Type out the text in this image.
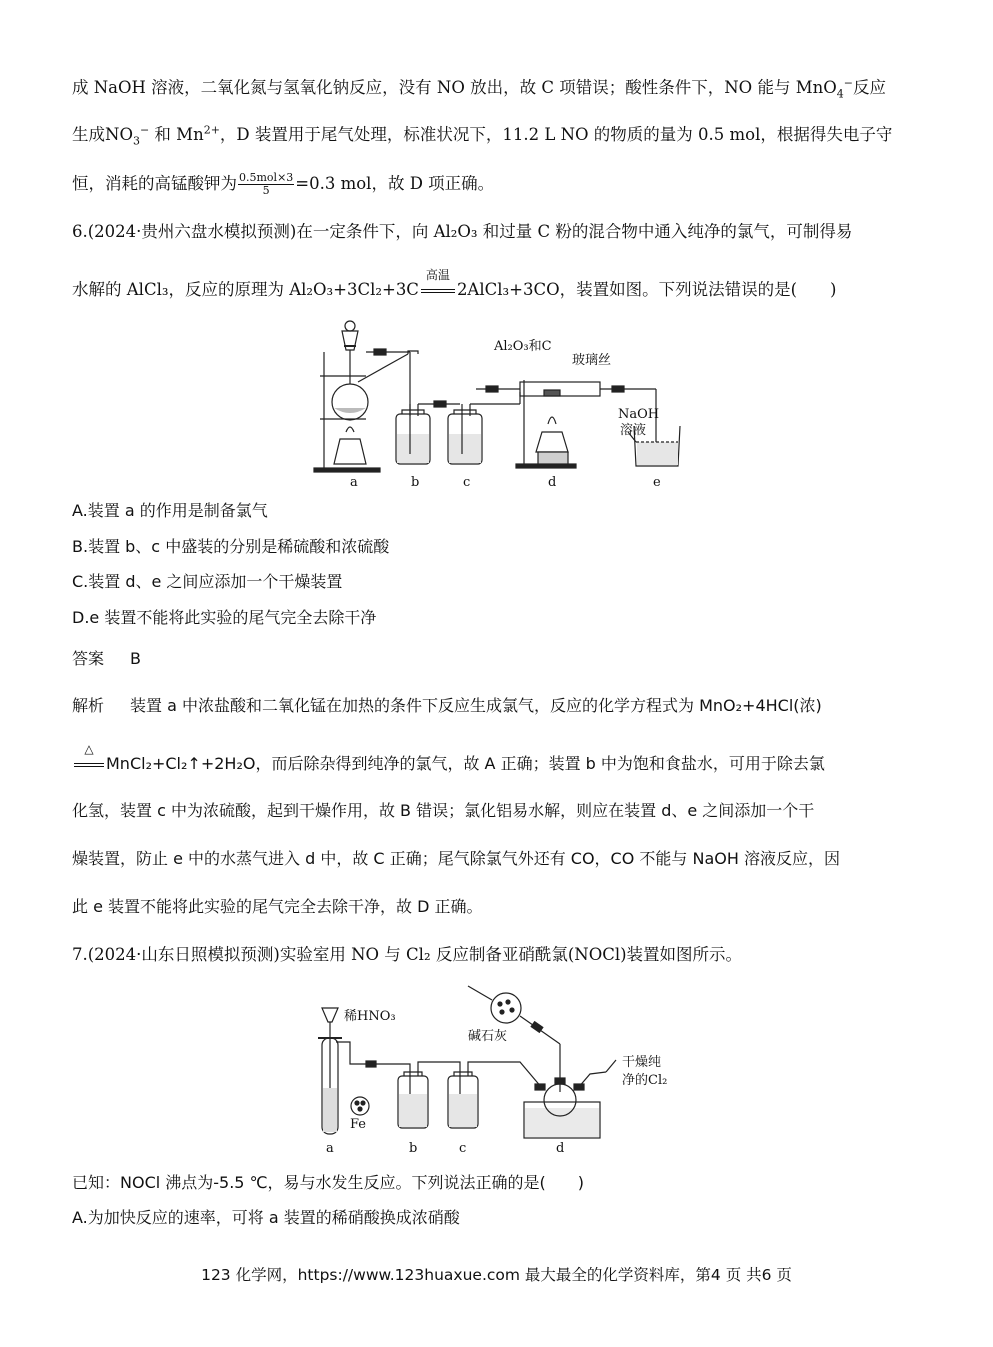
成 NaOH 溶液，二氧化氮与氢氧化钠反应，没有 NO 放出，故 C 项错误；酸性条件下，NO 能与 MnO$_4$−反应
生成$NO_3^-$ 和 $Mn^{2+}$，D 装置用于尾气处理，标准状况下，11.2 L NO 的物质的量为 0.5 mol，根据得失电子守
恒，消耗的高锰酸钾为 $\frac{\text{0.5mol×3}}{5} =0.3$ mol，故 D 项正确。
6.(2024·贵州六盘水模拟预测)在一定条件下，向 Al₂O₃ 和过量 C 粉的混合物中通入纯净的氯气，可制得易
水解的 AlCl₃，反应的原理为 Al₂O₃+3Cl₂+3C
高温
2AlCl₃+3CO，装置如图。下列说法错误的是(　　)
Al₂O₃和C
玻璃丝
NaOH
溶液
a	b	c	d	e
A.装置 a 的作用是制备氯气
B.装置 b、c 中盛装的分别是稀硫酸和浓硫酸
C.装置 d、e 之间应添加一个干燥装置
D.e 装置不能将此实验的尾气完全去除干净
答案 B
解析 装置 a 中浓盐酸和二氧化锰在加热的条件下反应生成氯气，反应的化学方程式为 MnO₂+4HCl(浓)
△
MnCl₂+Cl₂↑+2H₂O，而后除杂得到纯净的氯气，故 A 正确；装置 b 中为饱和食盐水，可用于除去氯
化氢，装置 c 中为浓硫酸，起到干燥作用，故 B 错误；氯化铝易水解，则应在装置 d、e 之间添加一个干
燥装置，防止 e 中的水蒸气进入 d 中，故 C 正确；尾气除氯气外还有 CO，CO 不能与 NaOH 溶液反应，因
此 e 装置不能将此实验的尾气完全去除干净，故 D 正确。
7.(2024·山东日照模拟预测)实验室用 NO 与 Cl₂ 反应制备亚硝酰氯(NOCl)装置如图所示。
稀HNO₃
碱石灰
干燥纯
净的Cl₂
Fe
a	b	c	d
已知：NOCl 沸点为-5.5 ℃，易与水发生反应。下列说法正确的是(　　)
A.为加快反应的速率，可将 a 装置的稀硝酸换成浓硝酸
123 化学网，https://www.123huaxue.com 最大最全的化学资料库，第4 页 共6 页
